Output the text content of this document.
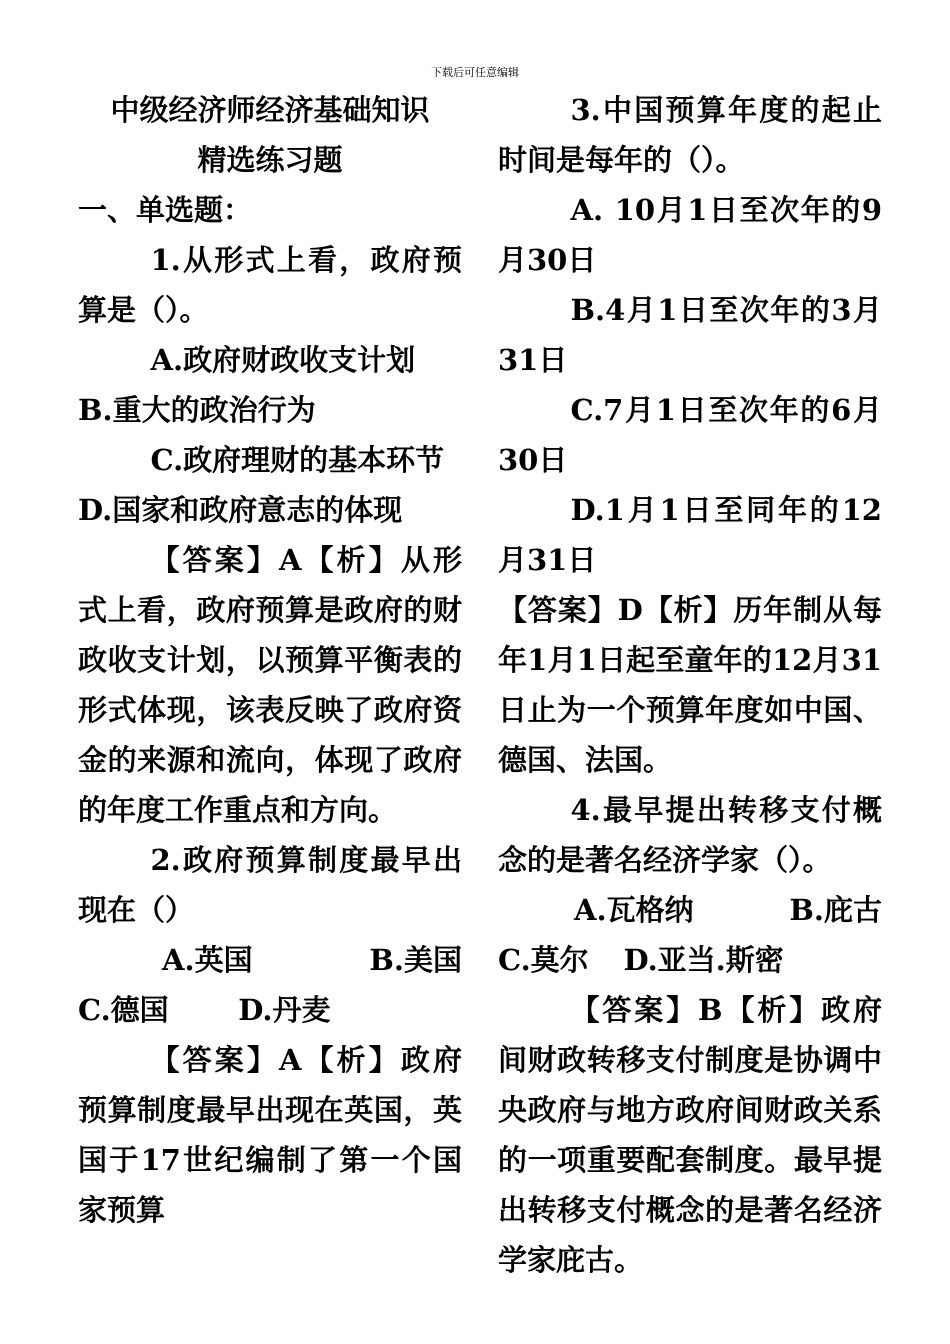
下载后可任意编辑

中级经济师经济基础知识

精选练习题

一、单选题：

1.从形式上看，政府预算是（）。

A.政府财政收支计划

B.重大的政治行为

C.政府理财的基本环节

D.国家和政府意志的体现

【答案】A【析】从形式上看，政府预算是政府的财政收支计划，以预算平衡表的形式体现，该表反映了政府资金的来源和流向，体现了政府的年度工作重点和方向。

2.政府预算制度最早出现在（）

A.英国	B.美国

C.德国 D.丹麦

【答案】A【析】政府预算制度最早出现在英国，英国于17世纪编制了第一个国家预算

3.中国预算年度的起止时间是每年的（）。

A. 10月1日至次年的9月30日

B.4月1日至次年的3月31日

C.7月1日至次年的6月30日

D.1月1日至同年的12月31日

【答案】D【析】历年制从每年1月1日起至童年的12月31日止为一个预算年度如中国、德国、法国。

4.最早提出转移支付概念的是著名经济学家（）。

A.瓦格纳	B.庇古

C.莫尔 D.亚当.斯密

【答案】B【析】政府间财政转移支付制度是协调中央政府与地方政府间财政关系的一项重要配套制度。最早提出转移支付概念的是著名经济学家庇古。
